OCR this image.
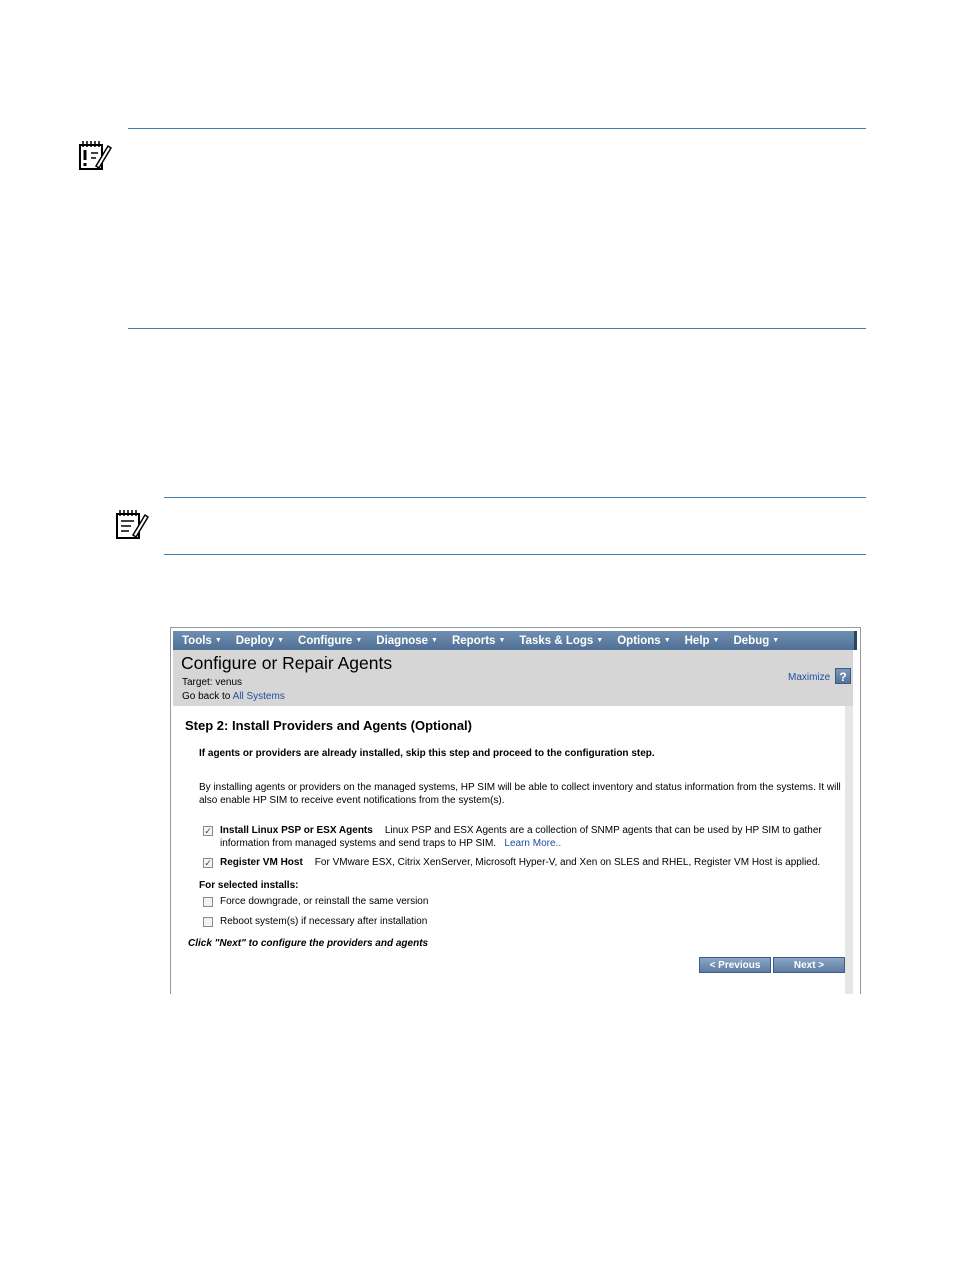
Tools ▼ Deploy ▼ Configure ▼ Diagnose ▼ Reports ▼ Tasks & Logs ▼ Options ▼ Help ▼ Debug ▼
Configure or Repair Agents
Target: venus
Go back to All Systems
Maximize ?
Step 2: Install Providers and Agents (Optional)
If agents or providers are already installed, skip this step and proceed to the configuration step.
By installing agents or providers on the managed systems, HP SIM will be able to collect inventory and status information from the systems. It will also enable HP SIM to receive event notifications from the system(s).
✓ Install Linux PSP or ESX Agents Linux PSP and ESX Agents are a collection of SNMP agents that can be used by HP SIM to gather information from managed systems and send traps to HP SIM. Learn More..
✓ Register VM Host For VMware ESX, Citrix XenServer, Microsoft Hyper-V, and Xen on SLES and RHEL, Register VM Host is applied.
For selected installs:
Force downgrade, or reinstall the same version
Reboot system(s) if necessary after installation
Click "Next" to configure the providers and agents
< Previous	Next >
